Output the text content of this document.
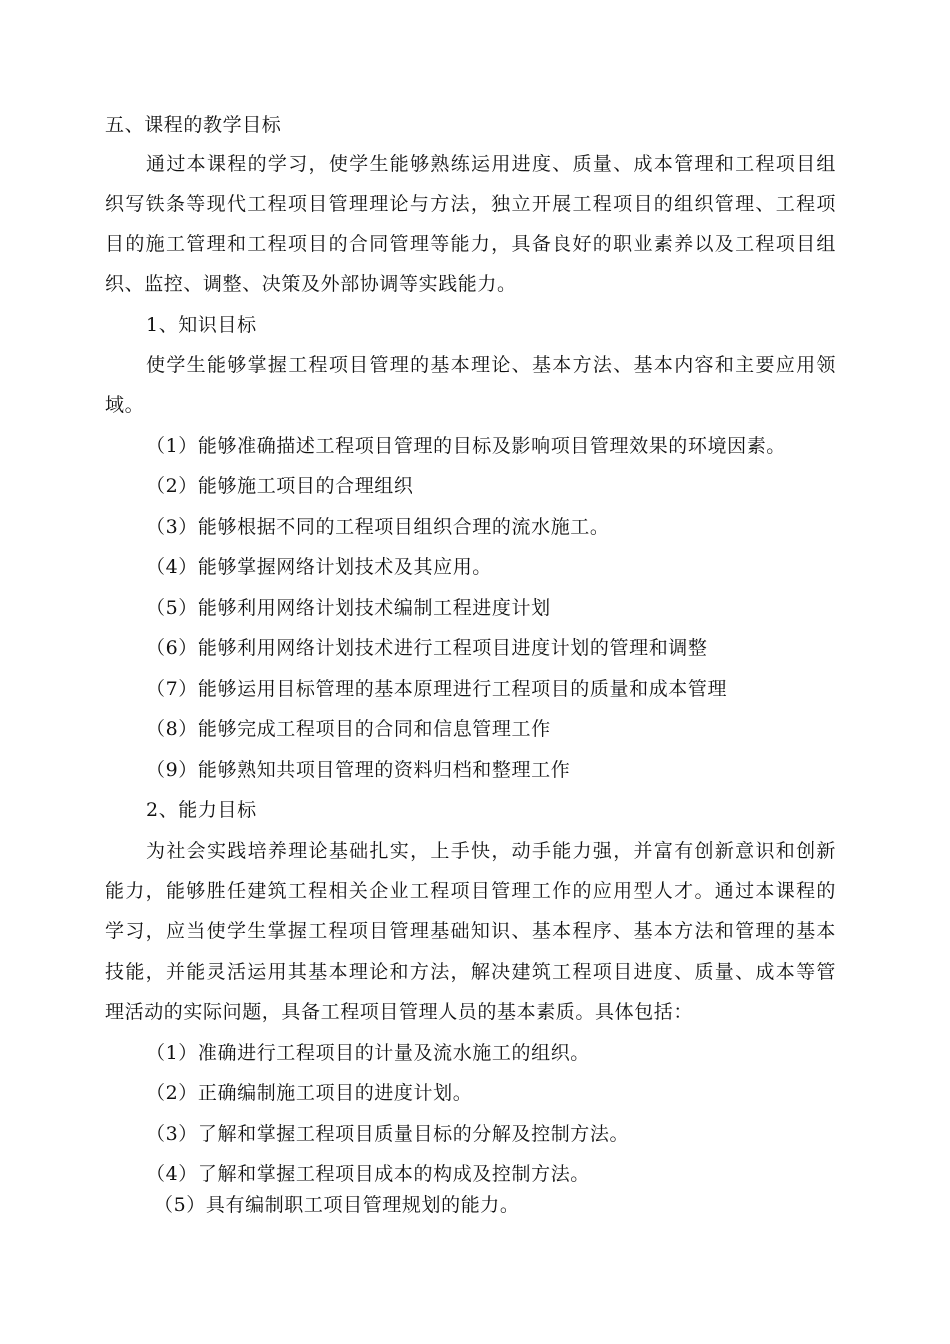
五、课程的教学目标
通过本课程的学习，使学生能够熟练运用进度、质量、成本管理和工程项目组
织写铁条等现代工程项目管理理论与方法，独立开展工程项目的组织管理、工程项
目的施工管理和工程项目的合同管理等能力，具备良好的职业素养以及工程项目组
织、监控、调整、决策及外部协调等实践能力。
1、知识目标
使学生能够掌握工程项目管理的基本理论、基本方法、基本内容和主要应用领
域。
（1）能够准确描述工程项目管理的目标及影响项目管理效果的环境因素。
（2）能够施工项目的合理组织
（3）能够根据不同的工程项目组织合理的流水施工。
（4）能够掌握网络计划技术及其应用。
（5）能够利用网络计划技术编制工程进度计划
（6）能够利用网络计划技术进行工程项目进度计划的管理和调整
（7）能够运用目标管理的基本原理进行工程项目的质量和成本管理
（8）能够完成工程项目的合同和信息管理工作
（9）能够熟知共项目管理的资料归档和整理工作
2、能力目标
为社会实践培养理论基础扎实，上手快，动手能力强，并富有创新意识和创新
能力，能够胜任建筑工程相关企业工程项目管理工作的应用型人才。通过本课程的
学习，应当使学生掌握工程项目管理基础知识、基本程序、基本方法和管理的基本
技能，并能灵活运用其基本理论和方法，解决建筑工程项目进度、质量、成本等管
理活动的实际问题，具备工程项目管理人员的基本素质。具体包括：
（1）准确进行工程项目的计量及流水施工的组织。
（2）正确编制施工项目的进度计划。
（3）了解和掌握工程项目质量目标的分解及控制方法。
（4）了解和掌握工程项目成本的构成及控制方法。
（5）具有编制职工项目管理规划的能力。
